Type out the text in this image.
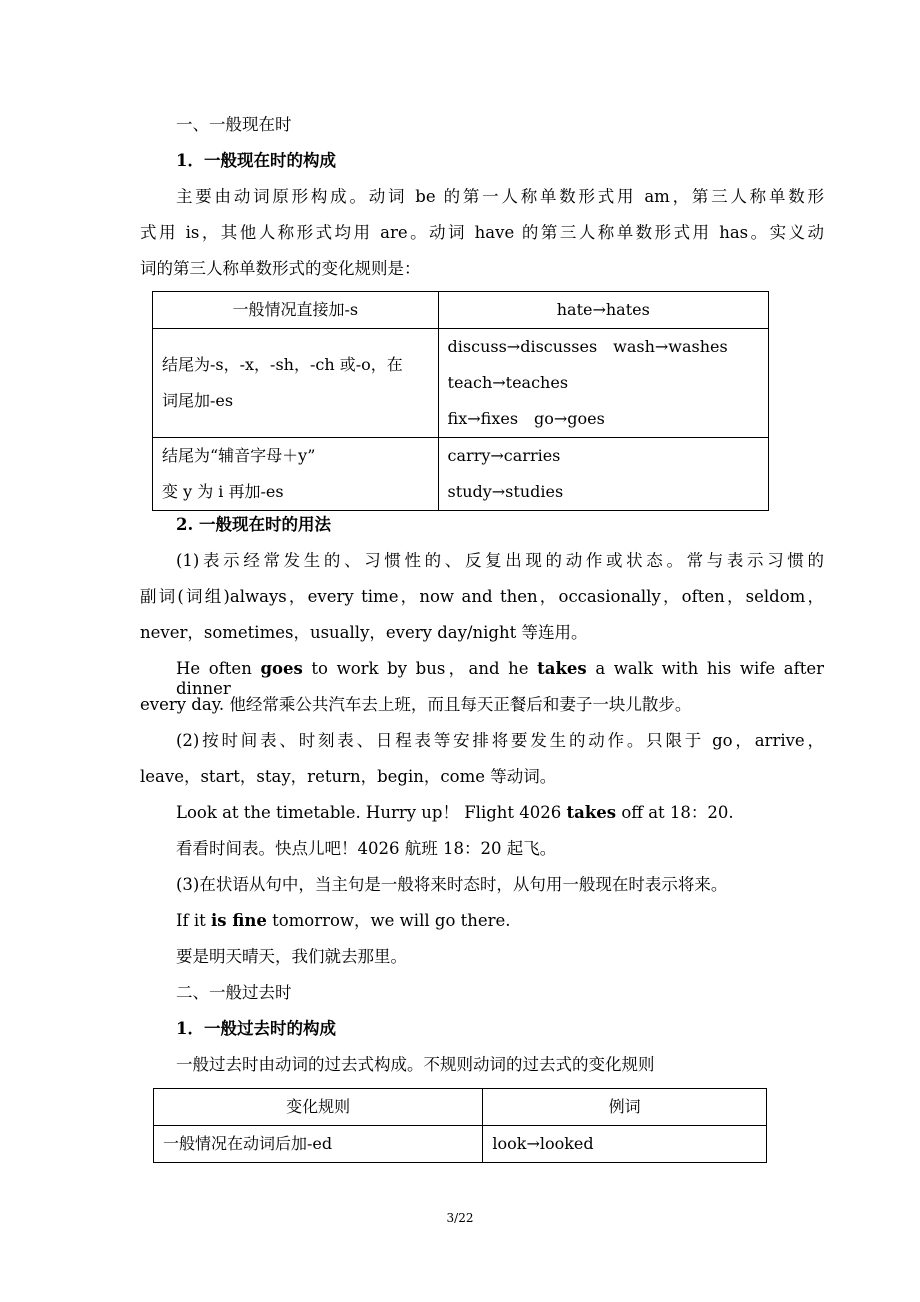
一、一般现在时
1．一般现在时的构成
主要由动词原形构成。动词 be 的第一人称单数形式用 am，第三人称单数形
式用 is，其他人称形式均用 are。动词 have 的第三人称单数形式用 has。实义动
词的第三人称单数形式的变化规则是：
一般情况直接加-s	hate→hates

结尾为-s，-x，-sh，-ch 或-o，在
词尾加-es	discuss→discusses　wash→washes
teach→teaches
fix→fixes　go→goes

结尾为“辅音字母＋y”
变 y 为 i 再加-es	carry→carries
study→studies
2. 一般现在时的用法
(1)表示经常发生的、习惯性的、反复出现的动作或状态。常与表示习惯的
副词(词组)always，every time，now and then，occasionally，often，seldom，
never，sometimes，usually，every day/night 等连用。
He often goes to work by bus，and he takes a walk with his wife after dinner
every day. 他经常乘公共汽车去上班，而且每天正餐后和妻子一块儿散步。
(2)按时间表、时刻表、日程表等安排将要发生的动作。只限于 go，arrive，
leave，start，stay，return，begin，come 等动词。
Look at the timetable. Hurry up！ Flight 4026 takes off at 18：20.
看看时间表。快点儿吧！4026 航班 18：20 起飞。
(3)在状语从句中，当主句是一般将来时态时，从句用一般现在时表示将来。
If it is fine tomorrow，we will go there.
要是明天晴天，我们就去那里。
二、一般过去时
1．一般过去时的构成
一般过去时由动词的过去式构成。不规则动词的过去式的变化规则
变化规则	例词
一般情况在动词后加-ed	look→looked
3/22
